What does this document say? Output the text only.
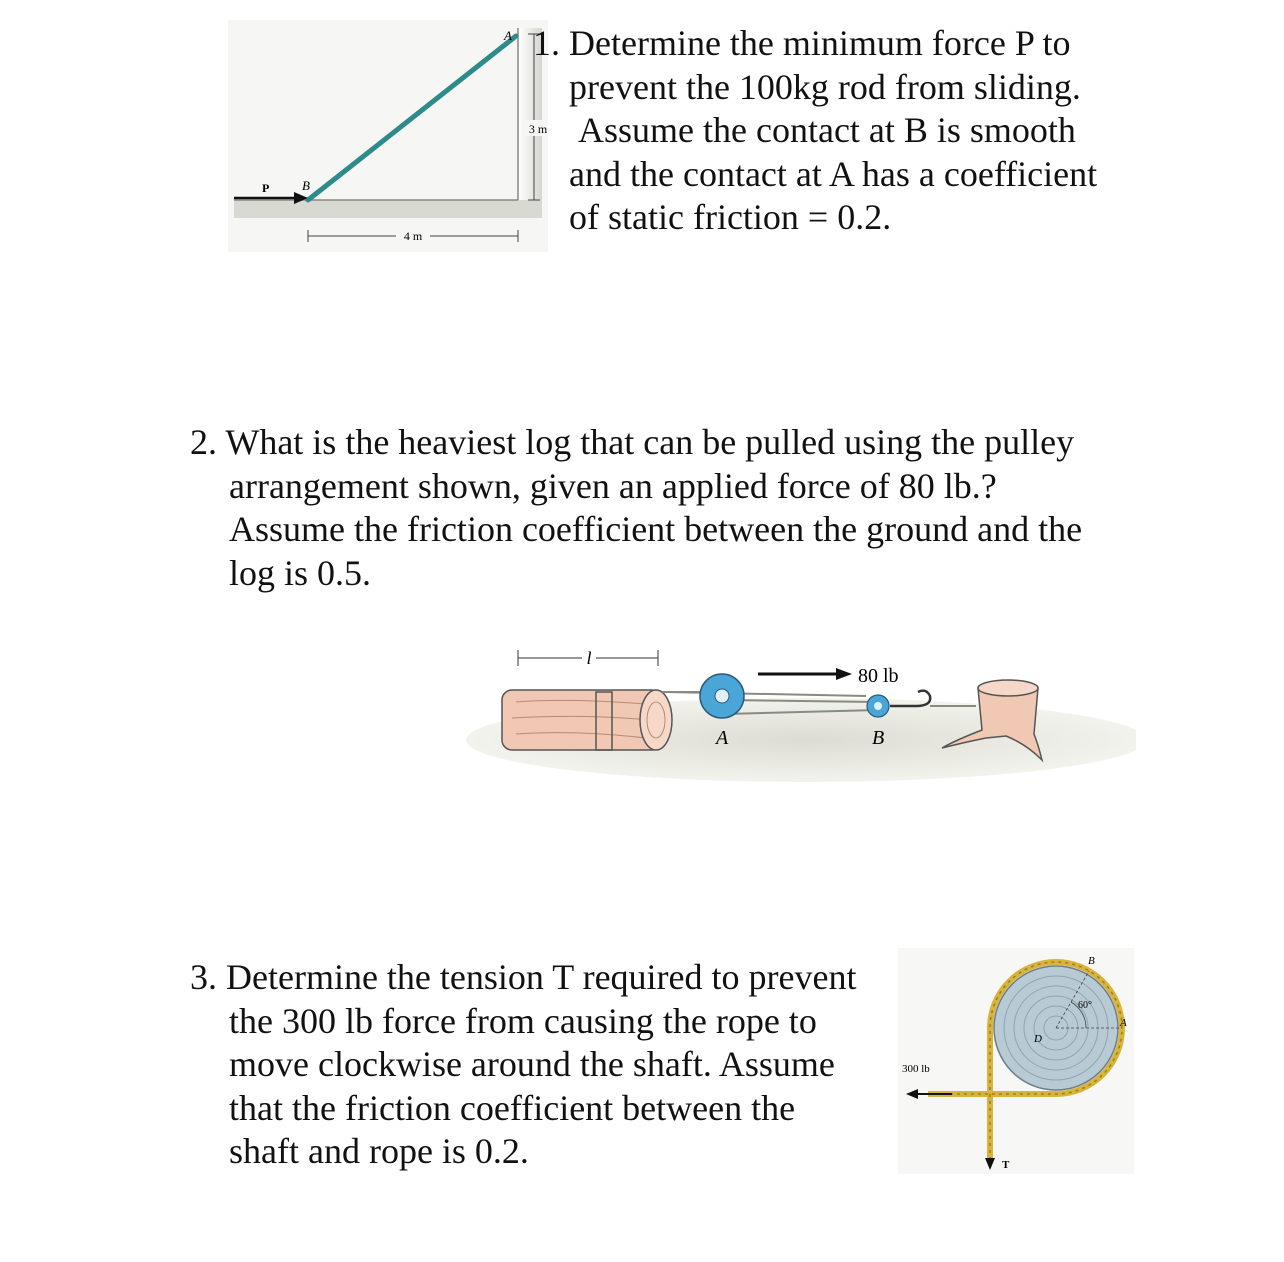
P	B
A
3 m
4 m
1. Determine the minimum force P to
prevent the 100kg rod from sliding.
Assume the contact at B is smooth
and the contact at A has a coefficient
of static friction = 0.2.
2. What is the heaviest log that can be pulled using the pulley
arrangement shown, given an applied force of 80 lb.?
Assume the friction coefficient between the ground and the
log is 0.5.
l
80 lb
A	B
3. Determine the tension T required to prevent
the 300 lb force from causing the rope to
move clockwise around the shaft. Assume
that the friction coefficient between the
shaft and rope is 0.2.
60°
B
A
D
300 lb
T
